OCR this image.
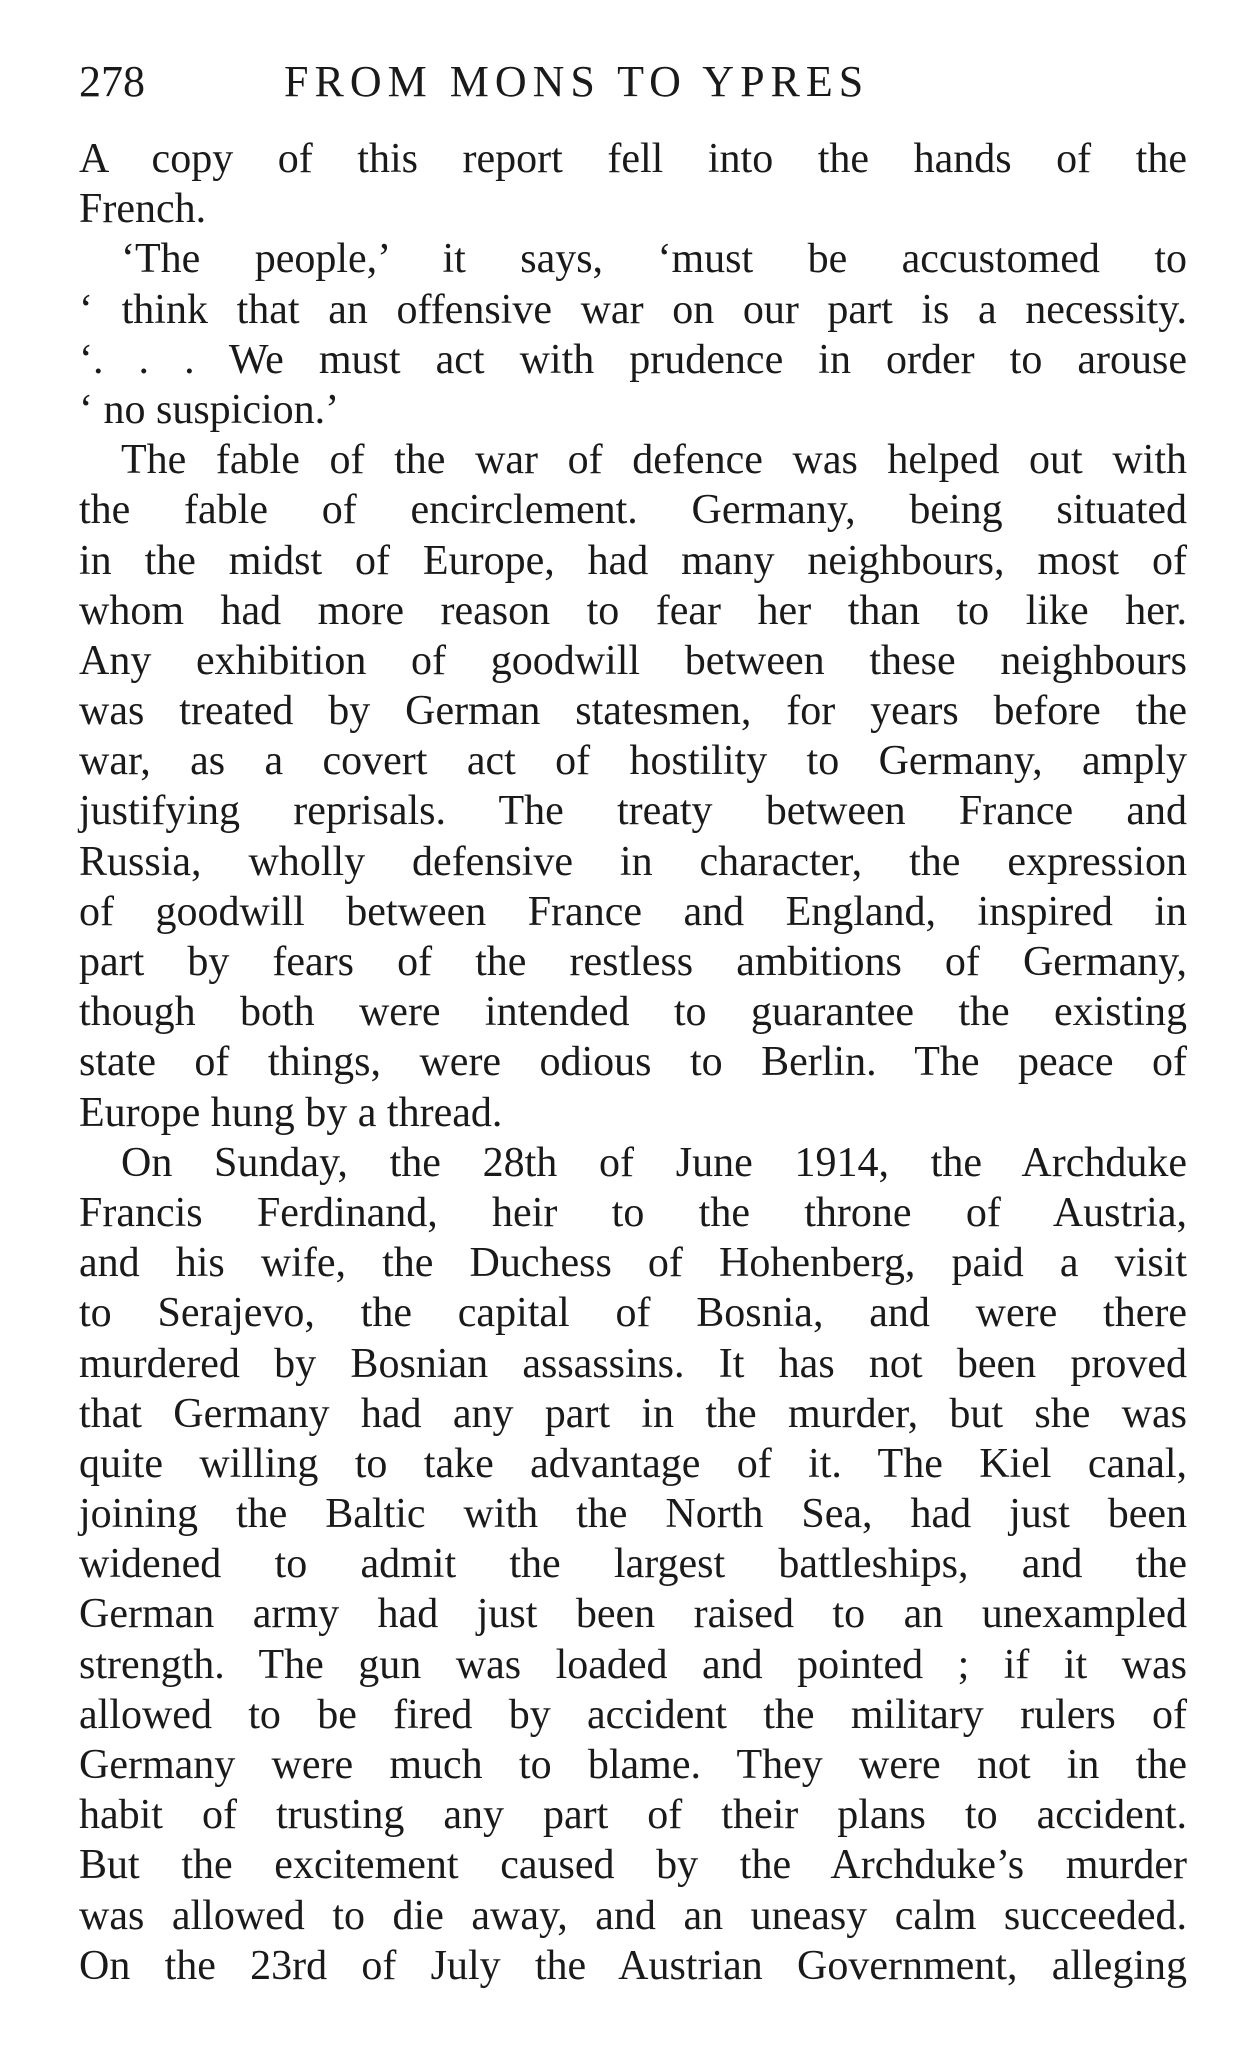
278	FROM MONS TO YPRES
A copy of this report fell into the hands of the
French.
‘The people,’ it says, ‘must be accustomed to
‘ think that an offensive war on our part is a necessity.
‘. . . We must act with prudence in order to arouse
‘ no suspicion.’
The fable of the war of defence was helped out with
the fable of encirclement. Germany, being situated
in the midst of Europe, had many neighbours, most of
whom had more reason to fear her than to like her.
Any exhibition of goodwill between these neighbours
was treated by German statesmen, for years before the
war, as a covert act of hostility to Germany, amply
justifying reprisals. The treaty between France and
Russia, wholly defensive in character, the expression
of goodwill between France and England, inspired in
part by fears of the restless ambitions of Germany,
though both were intended to guarantee the existing
state of things, were odious to Berlin. The peace of
Europe hung by a thread.
On Sunday, the 28th of June 1914, the Archduke
Francis Ferdinand, heir to the throne of Austria,
and his wife, the Duchess of Hohenberg, paid a visit
to Serajevo, the capital of Bosnia, and were there
murdered by Bosnian assassins. It has not been proved
that Germany had any part in the murder, but she was
quite willing to take advantage of it. The Kiel canal,
joining the Baltic with the North Sea, had just been
widened to admit the largest battleships, and the
German army had just been raised to an unexampled
strength. The gun was loaded and pointed ; if it was
allowed to be fired by accident the military rulers of
Germany were much to blame. They were not in the
habit of trusting any part of their plans to accident.
But the excitement caused by the Archduke’s murder
was allowed to die away, and an uneasy calm succeeded.
On the 23rd of July the Austrian Government, alleging
